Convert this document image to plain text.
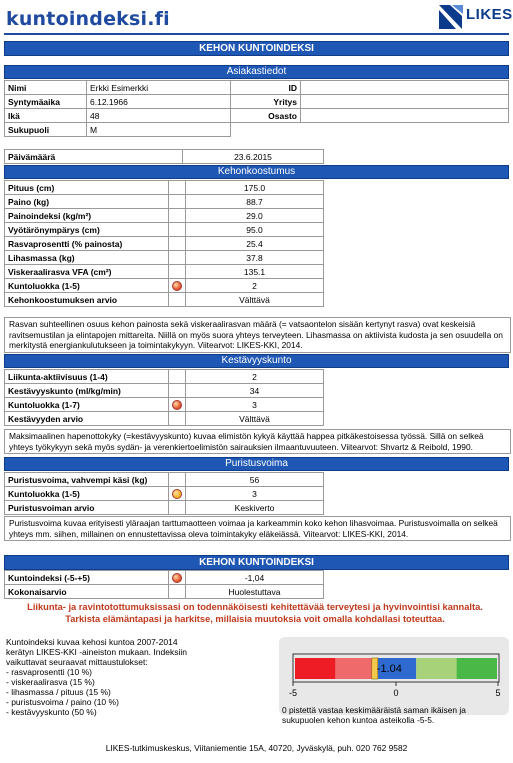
kuntoindeksi.fi	LIKES
KEHON KUNTOINDEKSI
Asiakastiedot
Nimi	Erkki Esimerkki	ID	
Syntymäaika	6.12.1966	Yritys	
Ikä	48	Osasto	
Sukupuoli	M		
Päivämäärä	23.6.2015
Kehonkoostumus
Pituus (cm)		175.0
Paino (kg)		88.7
Painoindeksi (kg/m²)		29.0
Vyötärönympärys (cm)		95.0
Rasvaprosentti (% painosta)		25.4
Lihasmassa (kg)		37.8
Viskeraalirasva VFA (cm²)		135.1
Kuntoluokka (1-5)		2
Kehonkoostumuksen arvio		Välttävä
Rasvan suhteellinen osuus kehon painosta sekä viskeraalirasvan määrä (= vatsaontelon sisään kertynyt rasva) ovat keskeisiä ravitsemustilan ja elintapojen mittareita. Niillä on myös suora yhteys terveyteen. Lihasmassa on aktiivista kudosta ja sen osuudella on merkitystä energiankulutukseen ja toimintakykyyn. Viitearvot: LIKES-KKI, 2014.
Kestävyyskunto
Liikunta-aktiivisuus (1-4)		2
Kestävyyskunto (ml/kg/min)		34
Kuntoluokka (1-7)		3
Kestävyyden arvio		Välttävä
Maksimaalinen hapenottokyky (=kestävyyskunto) kuvaa elimistön kykyä käyttää happea pitkäkestoisessa työssä. Sillä on selkeä yhteys työkykyyn sekä myös sydän- ja verenkiertoelimistön sairauksien ilmaantuvuuteen. Viitearvot: Shvartz & Reibold, 1990.
Puristusvoima
Puristusvoima, vahvempi käsi (kg)		56
Kuntoluokka (1-5)		3
Puristusvoiman arvio		Keskiverto
Puristusvoima kuvaa erityisesti yläraajan tarttumaotteen voimaa ja karkeammin koko kehon lihasvoimaa. Puristusvoimalla on selkeä yhteys mm. siihen, millainen on ennustettavissa oleva toimintakyky eläkeiässä. Viitearvot: LIKES-KKI, 2014.
KEHON KUNTOINDEKSI
Kuntoindeksi (-5-+5)		-1,04
Kokonaisarvio		Huolestuttava
Liikunta- ja ravintotottumuksissasi on todennäköisesti kehitettävää terveytesi ja hyvinvointisi kannalta.
Tarkista elämäntapasi ja harkitse, millaisia muutoksia voit omalla kohdallasi toteuttaa.
Kuntoindeksi kuvaa kehosi kuntoa 2007-2014
kerätyn LIKES-KKI -aineiston mukaan. Indeksiin
vaikuttavat seuraavat mittaustulokset:
- rasvaprosentti (10 %)
- viskeraalirasva (15 %)
- lihasmassa / pituus (15 %)
- puristusvoima / paino (10 %)
- kestävyyskunto (50 %)
-1.04
-5	0	5
0 pistettä vastaa keskimääräistä saman ikäisen ja sukupuolen kehon kuntoa asteikolla -5-5.
LIKES-tutkimuskeskus, Viitaniementie 15A, 40720, Jyväskylä, puh. 020 762 9582
